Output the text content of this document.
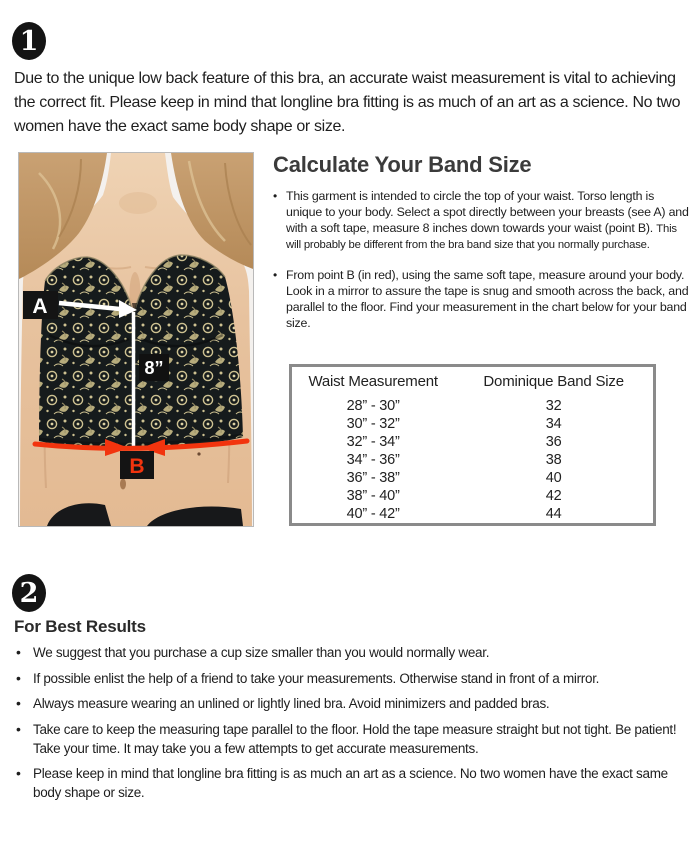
1
Due to the unique low back feature of this bra, an accurate waist measurement is vital to achieving the correct fit. Please keep in mind that longline bra fitting is as much of an art as a science. No two women have the exact same body shape or size.
A
8”
B
Calculate Your Band Size
• This garment is intended to circle the top of your waist. Torso length is unique to your body. Select a spot directly between your breasts (see A) and with a soft tape, measure 8 inches down towards your waist (point B). This will probably be different from the bra band size that you normally purchase.
• From point B (in red), using the same soft tape, measure around your body. Look in a mirror to assure the tape is snug and smooth across the back, and parallel to the floor. Find your measurement in the chart below for your band size.
Waist Measurement	Dominique Band Size
28” - 30”	32
30” - 32”	34
32” - 34”	36
34” - 36”	38
36” - 38”	40
38” - 40”	42
40” - 42”	44
2
For Best Results
• We suggest that you purchase a cup size smaller than you would normally wear.
• If possible enlist the help of a friend to take your measurements. Otherwise stand in front of a mirror.
• Always measure wearing an unlined or lightly lined bra. Avoid minimizers and padded bras.
• Take care to keep the measuring tape parallel to the floor. Hold the tape measure straight but not tight. Be patient! Take your time. It may take you a few attempts to get accurate measurements.
• Please keep in mind that longline bra fitting is as much an art as a science. No two women have the exact same body shape or size.
